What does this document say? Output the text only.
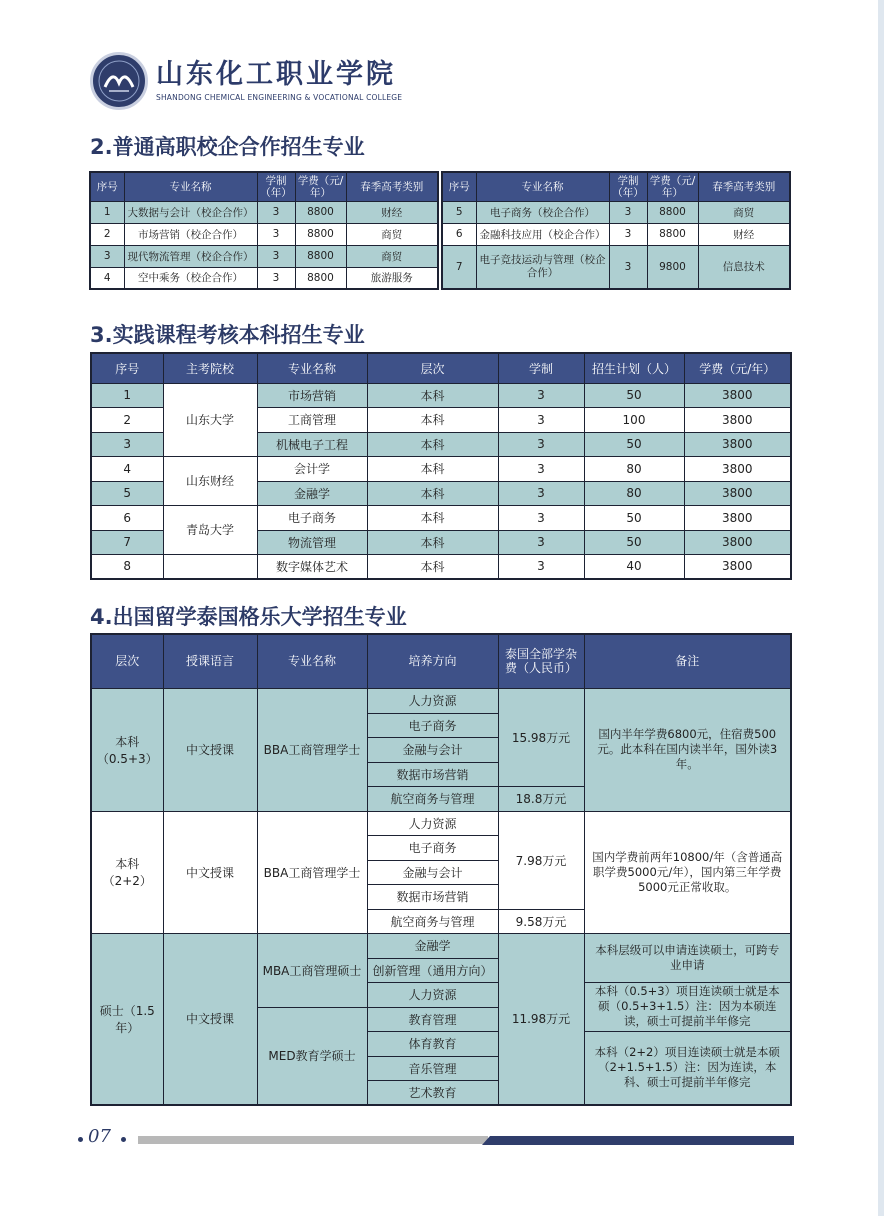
山东化工职业学院
SHANDONG CHEMICAL ENGINEERING & VOCATIONAL COLLEGE
2.普通高职校企合作招生专业
序号	专业名称	学制（年）	学费（元/年）	春季高考类别
1	大数据与会计（校企合作）	3	8800	财经
2	市场营销（校企合作）	3	8800	商贸
3	现代物流管理（校企合作）	3	8800	商贸
4	空中乘务（校企合作）	3	8800	旅游服务
序号	专业名称	学制（年）	学费（元/年）	春季高考类别
5	电子商务（校企合作）	3	8800	商贸
6	金融科技应用（校企合作）	3	8800	财经
7	电子竞技运动与管理（校企合作）	3	9800	信息技术
3.实践课程考核本科招生专业
序号	主考院校	专业名称	层次	学制	招生计划（人）	学费（元/年）
1	山东大学	市场营销	本科	3	50	3800
2		工商管理	本科	3	100	3800
3		机械电子工程	本科	3	50	3800
4	山东财经	会计学	本科	3	80	3800
5		金融学	本科	3	80	3800
6	青岛大学	电子商务	本科	3	50	3800
7		物流管理	本科	3	50	3800
8		数字媒体艺术	本科	3	40	3800
4.出国留学泰国格乐大学招生专业
层次	授课语言	专业名称	培养方向	泰国全部学杂费（人民币）	备注
本科（0.5+3）	中文授课	BBA工商管理学士	人力资源	15.98万元	国内半年学费6800元，住宿费500元。此本科在国内读半年，国外读3年。
			电子商务		
			金融与会计		
			数据市场营销		
			航空商务与管理	18.8万元	
本科（2+2）	中文授课	BBA工商管理学士	人力资源	7.98万元	国内学费前两年10800/年（含普通高职学费5000元/年），国内第三年学费5000元正常收取。
			电子商务		
			金融与会计		
			数据市场营销		
			航空商务与管理	9.58万元	
硕士（1.5年）	中文授课	MBA工商管理硕士	金融学	11.98万元	本科层级可以申请连读硕士，可跨专业申请
			创新管理（通用方向）		
			人力资源		本科（0.5+3）项目连读硕士就是本硕（0.5+3+1.5）注：因为本硕连读，硕士可提前半年修完
		MED教育学硕士	教育管理		
			体育教育		本科（2+2）项目连读硕士就是本硕（2+1.5+1.5）注：因为连读，本科、硕士可提前半年修完
			音乐管理		
			艺术教育		
07
